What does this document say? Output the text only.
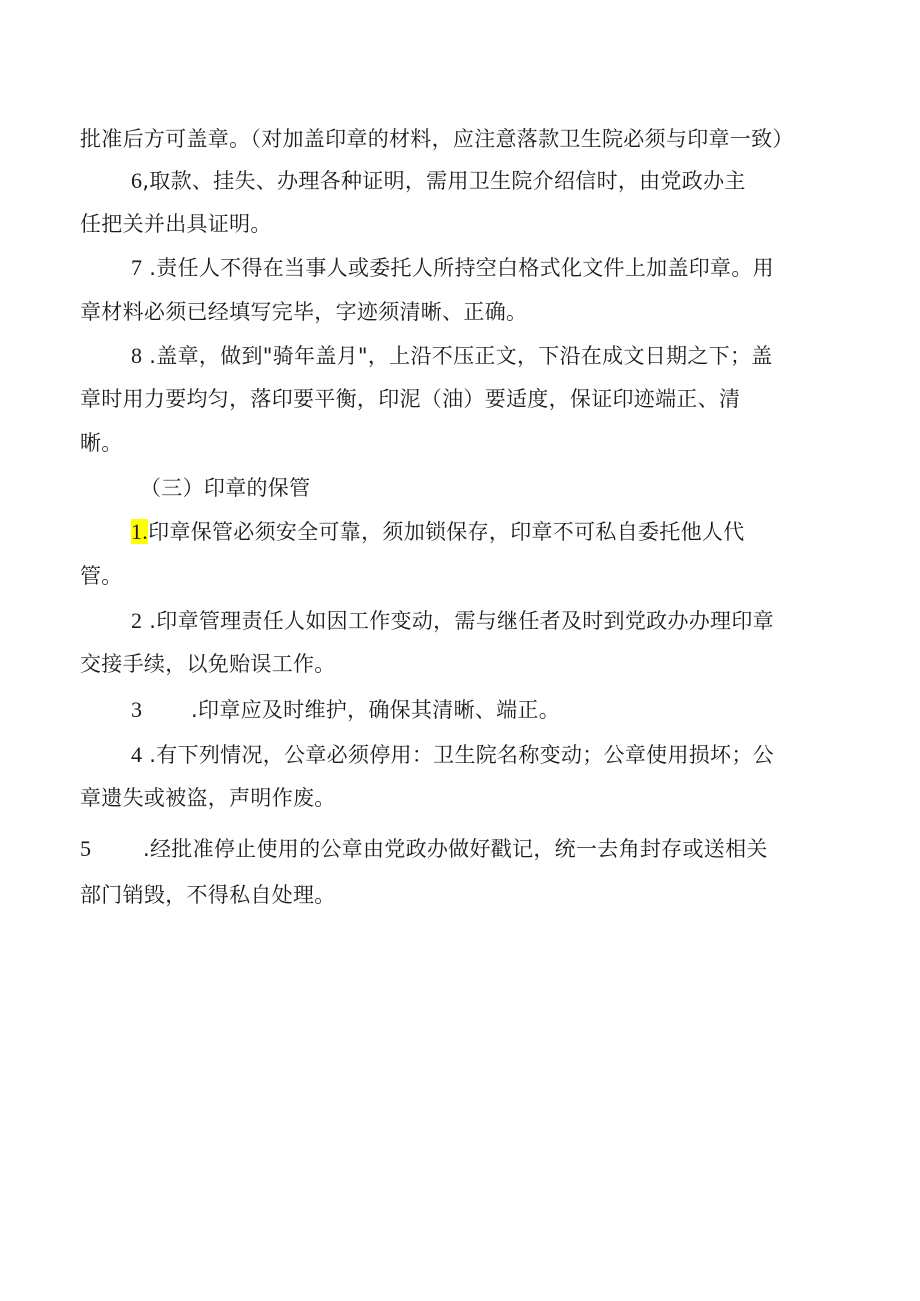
批准后方可盖章。（对加盖印章的材料，应注意落款卫生院必须与印章一致）
6,取款、挂失、办理各种证明，需用卫生院介绍信时，由党政办主
任把关并出具证明。
7 .责任人不得在当事人或委托人所持空白格式化文件上加盖印章。用
章材料必须已经填写完毕，字迹须清晰、正确。
8 .盖章，做到"骑年盖月"，上沿不压正文，下沿在成文日期之下；盖
章时用力要均匀，落印要平衡，印泥（油）要适度，保证印迹端正、清
晰。
（三）印章的保管
1.印章保管必须安全可靠，须加锁保存，印章不可私自委托他人代
管。
2 .印章管理责任人如因工作变动，需与继任者及时到党政办办理印章
交接手续，以免贻误工作。
3 .印章应及时维护，确保其清晰、端正。
4 .有下列情况，公章必须停用：卫生院名称变动；公章使用损坏；公
章遗失或被盗，声明作废。
5 .经批准停止使用的公章由党政办做好戳记，统一去角封存或送相关
部门销毁，不得私自处理。
